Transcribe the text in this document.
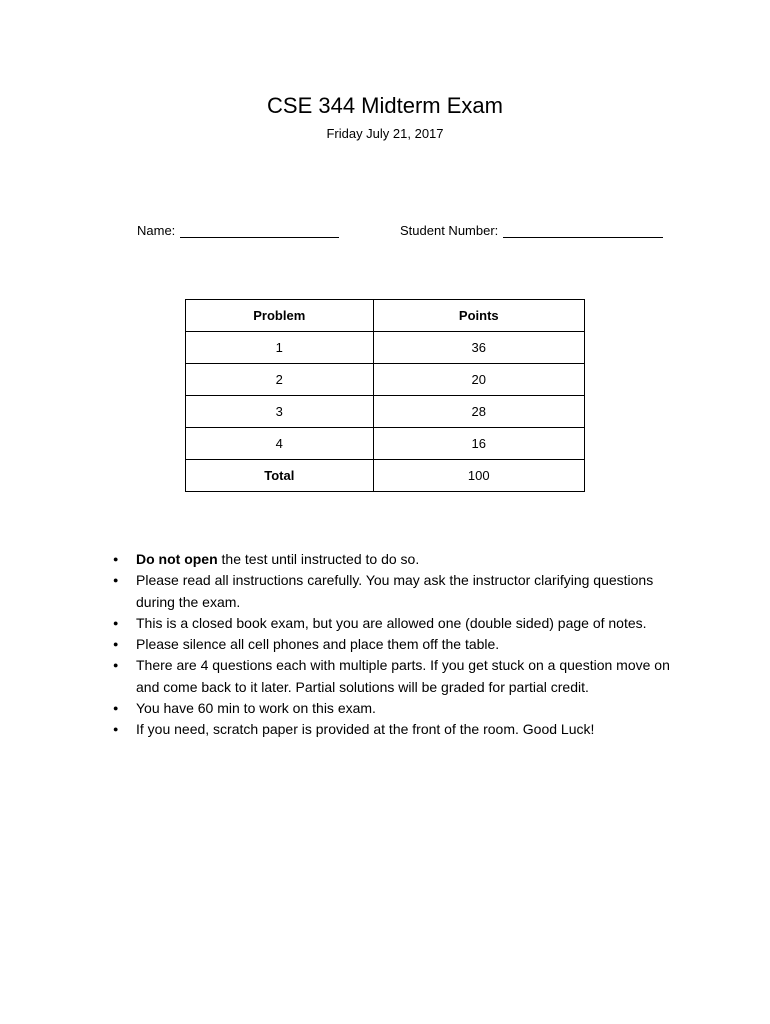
CSE 344 Midterm Exam
Friday July 21, 2017
Name:	Student Number:
Problem	Points
1	36
2	20
3	28
4	16
Total	100
● Do not open the test until instructed to do so.
● Please read all instructions carefully. You may ask the instructor clarifying questions during the exam.
● This is a closed book exam, but you are allowed one (double sided) page of notes.
● Please silence all cell phones and place them off the table.
● There are 4 questions each with multiple parts. If you get stuck on a question move on and come back to it later. Partial solutions will be graded for partial credit.
● You have 60 min to work on this exam.
● If you need, scratch paper is provided at the front of the room. Good Luck!
